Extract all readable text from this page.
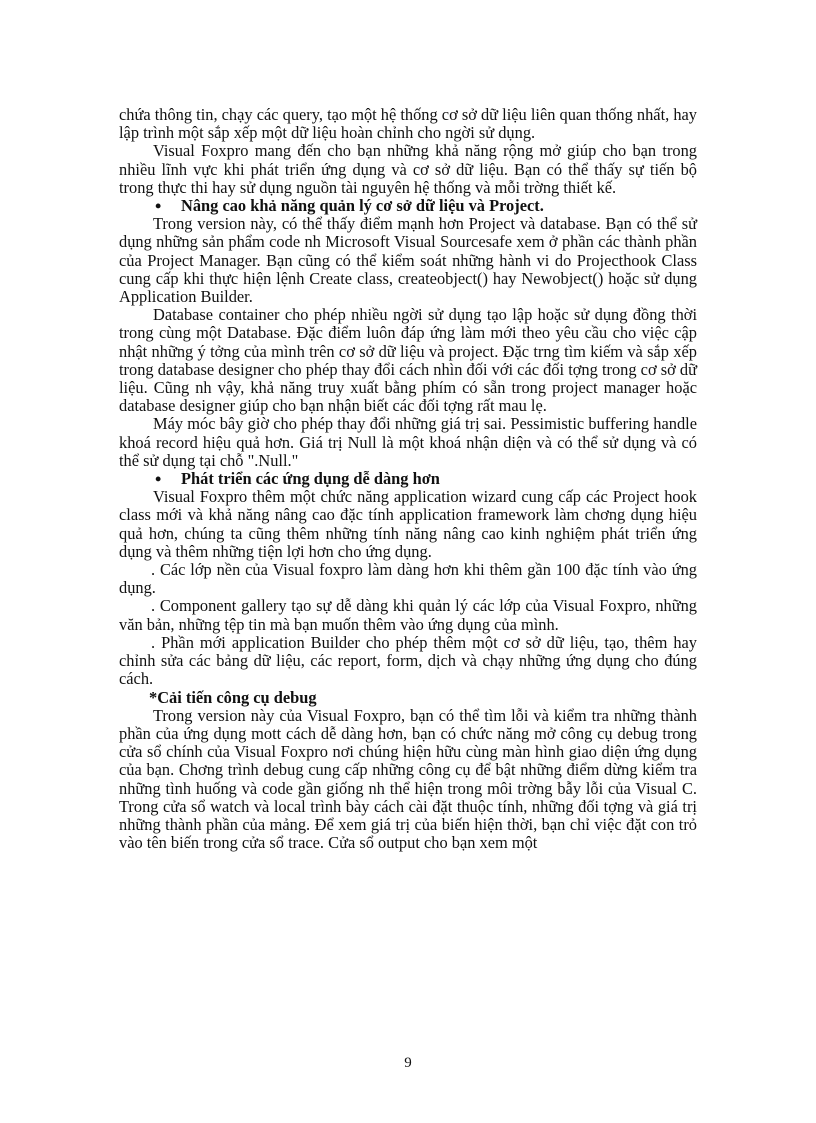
chứa thông tin, chạy các query, tạo một hệ thống cơ sở dữ liệu liên quan thống nhất, hay lập trình một sắp xếp một dữ liệu hoàn chỉnh cho ngời sử dụng.

Visual Foxpro mang đến cho bạn những khả năng rộng mở giúp cho bạn trong nhiều lĩnh vực khi phát triển ứng dụng và cơ sở dữ liệu. Bạn có thể thấy sự tiến bộ trong thực thi hay sử dụng nguồn tài nguyên hệ thống và mỗi trờng thiết kế.

• Nâng cao khả năng quản lý cơ sở dữ liệu và Project.

Trong version này, có thể thấy điểm mạnh hơn Project và database. Bạn có thể sử dụng những sản phẩm code nh Microsoft Visual Sourcesafe xem ở phần các thành phần của Project Manager. Bạn cũng có thể kiểm soát những hành vi do Projecthook Class cung cấp khi thực hiện lệnh Create class, createobject() hay Newobject() hoặc sử dụng Application Builder.

Database container cho phép nhiều ngời sử dụng tạo lập hoặc sử dụng đồng thời trong cùng một Database. Đặc điểm luôn đáp ứng làm mới theo yêu cầu cho việc cập nhật những ý tởng của mình trên cơ sở dữ liệu và project. Đặc trng tìm kiếm và sắp xếp trong database designer cho phép thay đổi cách nhìn đối với các đối tợng trong cơ sở dữ liệu. Cũng nh vậy, khả năng truy xuất bằng phím có sẵn trong project manager hoặc database designer giúp cho bạn nhận biết các đối tợng rất mau lẹ.

Máy móc bây giờ cho phép thay đổi những giá trị sai. Pessimistic buffering handle khoá record hiệu quả hơn. Giá trị Null là một khoá nhận diện và có thể sử dụng và có thể sử dụng tại chỗ ".Null."

• Phát triển các ứng dụng dễ dàng hơn

Visual Foxpro thêm một chức năng application wizard cung cấp các Project hook class mới và khả năng nâng cao đặc tính application framework làm chơng dụng hiệu quả hơn, chúng ta cũng thêm những tính năng nâng cao kinh nghiệm phát triển ứng dụng và thêm những tiện lợi hơn cho ứng dụng.

. Các lớp nền của Visual foxpro làm dàng hơn khi thêm gần 100 đặc tính vào ứng dụng.

. Component gallery tạo sự dễ dàng khi quản lý các lớp của Visual Foxpro, những văn bản, những tệp tin mà bạn muốn thêm vào ứng dụng của mình.

. Phần mới application Builder cho phép thêm một cơ sở dữ liệu, tạo, thêm hay chỉnh sửa các bảng dữ liệu, các report, form, dịch và chạy những ứng dụng cho đúng cách.

*Cải tiến công cụ debug

Trong version này của Visual Foxpro, bạn có thể tìm lỗi và kiểm tra những thành phần của ứng dụng mott cách dễ dàng hơn, bạn có chức năng mở công cụ debug trong cửa sổ chính của Visual Foxpro nơi chúng hiện hữu cùng màn hình giao diện ứng dụng của bạn. Chơng trình debug cung cấp những công cụ để bật những điểm dừng kiểm tra những tình huống và code gần giống nh thể hiện trong môi trờng bẫy lỗi của Visual C. Trong cửa sổ watch và local trình bày cách cài đặt thuộc tính, những đối tợng và giá trị những thành phần của mảng. Để xem giá trị của biến hiện thời, bạn chỉ việc đặt con trỏ vào tên biến trong cửa sổ trace. Cửa sổ output cho bạn xem một

9
